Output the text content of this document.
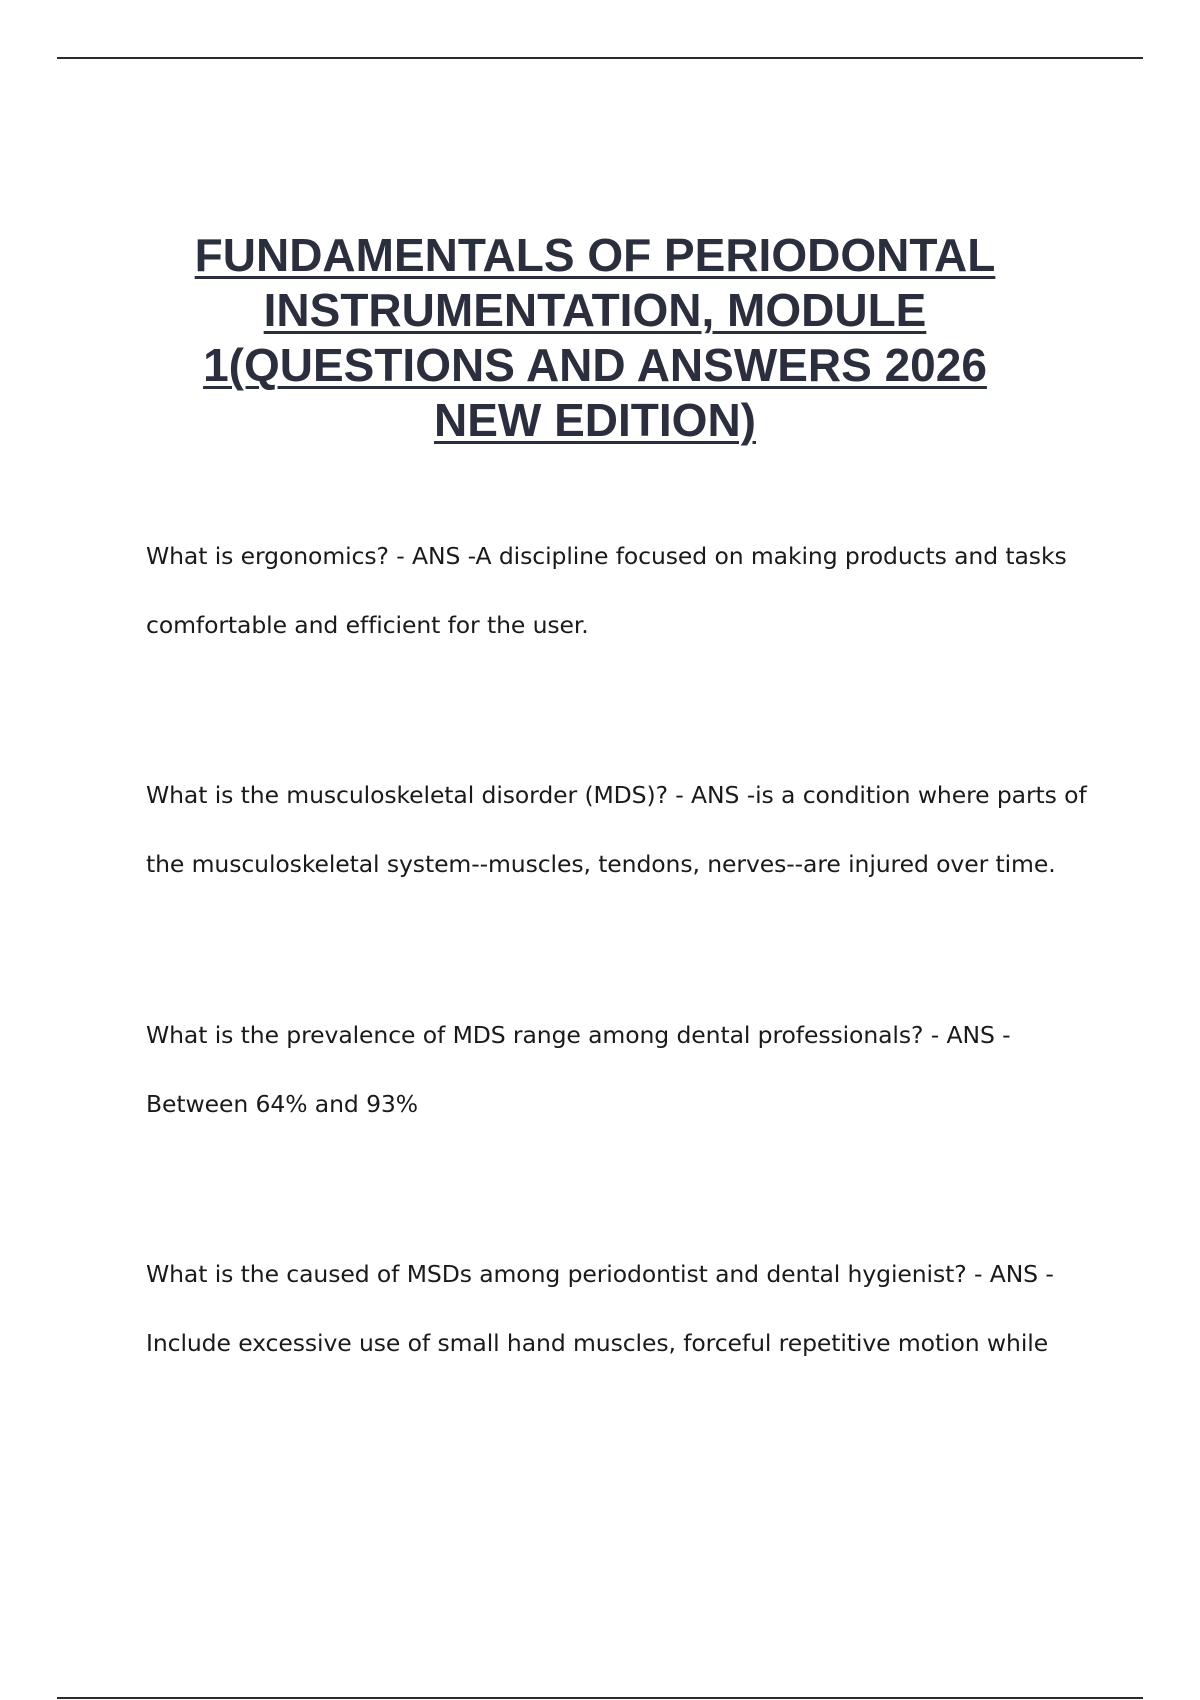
FUNDAMENTALS OF PERIODONTAL
INSTRUMENTATION, MODULE
1(QUESTIONS AND ANSWERS 2026
NEW EDITION)
What is ergonomics? - ANS -A discipline focused on making products and tasks
comfortable and efficient for the user.
What is the musculoskeletal disorder (MDS)? - ANS -is a condition where parts of
the musculoskeletal system--muscles, tendons, nerves--are injured over time.
What is the prevalence of MDS range among dental professionals? - ANS -
Between 64% and 93%
What is the caused of MSDs among periodontist and dental hygienist? - ANS -
Include excessive use of small hand muscles, forceful repetitive motion while
